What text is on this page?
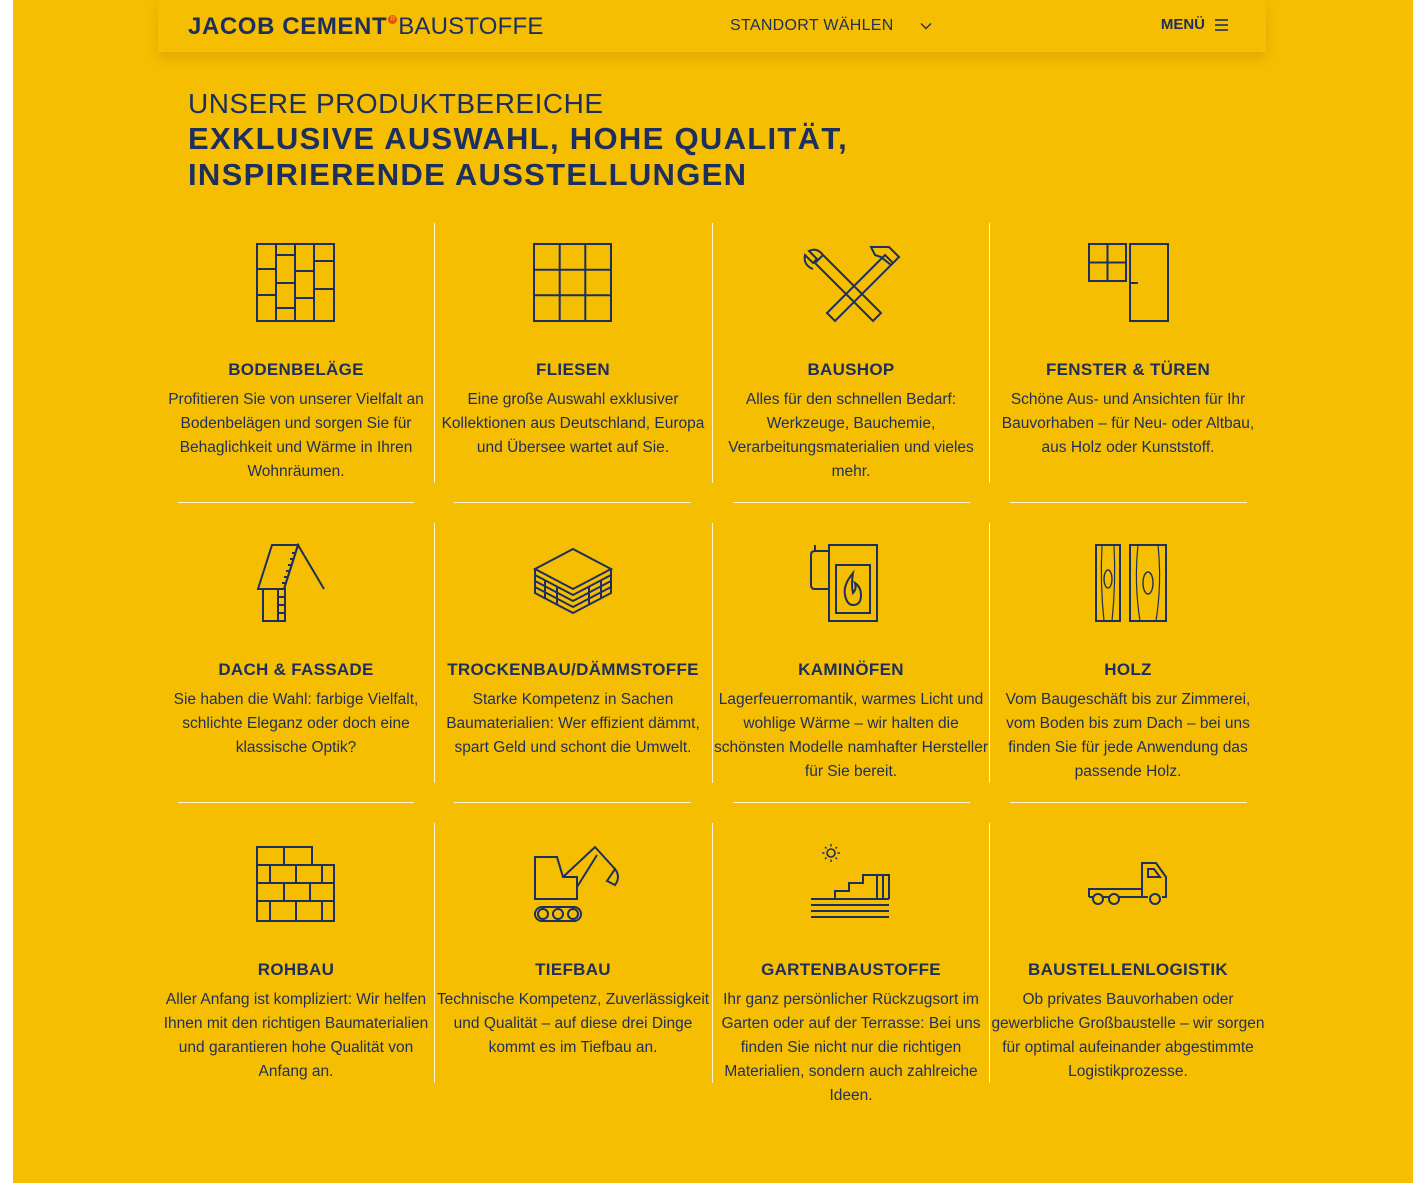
JACOB CEMENT R BAUSTOFFE	STANDORT WÄHLEN	MENÜ
UNSERE PRODUKTBEREICHE
EXKLUSIVE AUSWAHL, HOHE QUALITÄT,
INSPIRIERENDE AUSSTELLUNGEN
BODENBELÄGE
Profitieren Sie von unserer Vielfalt an Bodenbelägen und sorgen Sie für Behaglichkeit und Wärme in Ihren Wohnräumen.
FLIESEN
Eine große Auswahl exklusiver Kollektionen aus Deutschland, Europa und Übersee wartet auf Sie.
BAUSHOP
Alles für den schnellen Bedarf: Werkzeuge, Bauchemie, Verarbeitungsmaterialien und vieles mehr.
FENSTER & TÜREN
Schöne Aus- und Ansichten für Ihr Bauvorhaben – für Neu- oder Altbau, aus Holz oder Kunststoff.
DACH & FASSADE
Sie haben die Wahl: farbige Vielfalt, schlichte Eleganz oder doch eine klassische Optik?
TROCKENBAU/DÄMMSTOFFE
Starke Kompetenz in Sachen Baumaterialien: Wer effizient dämmt, spart Geld und schont die Umwelt.
KAMINÖFEN
Lagerfeuerromantik, warmes Licht und wohlige Wärme – wir halten die schönsten Modelle namhafter Hersteller für Sie bereit.
HOLZ
Vom Baugeschäft bis zur Zimmerei, vom Boden bis zum Dach – bei uns finden Sie für jede Anwendung das passende Holz.
ROHBAU
Aller Anfang ist kompliziert: Wir helfen Ihnen mit den richtigen Baumaterialien und garantieren hohe Qualität von Anfang an.
TIEFBAU
Technische Kompetenz, Zuverlässigkeit und Qualität – auf diese drei Dinge kommt es im Tiefbau an.
GARTENBAUSTOFFE
Ihr ganz persönlicher Rückzugsort im Garten oder auf der Terrasse: Bei uns finden Sie nicht nur die richtigen Materialien, sondern auch zahlreiche Ideen.
BAUSTELLENLOGISTIK
Ob privates Bauvorhaben oder gewerbliche Großbaustelle – wir sorgen für optimal aufeinander abgestimmte Logistikprozesse.
